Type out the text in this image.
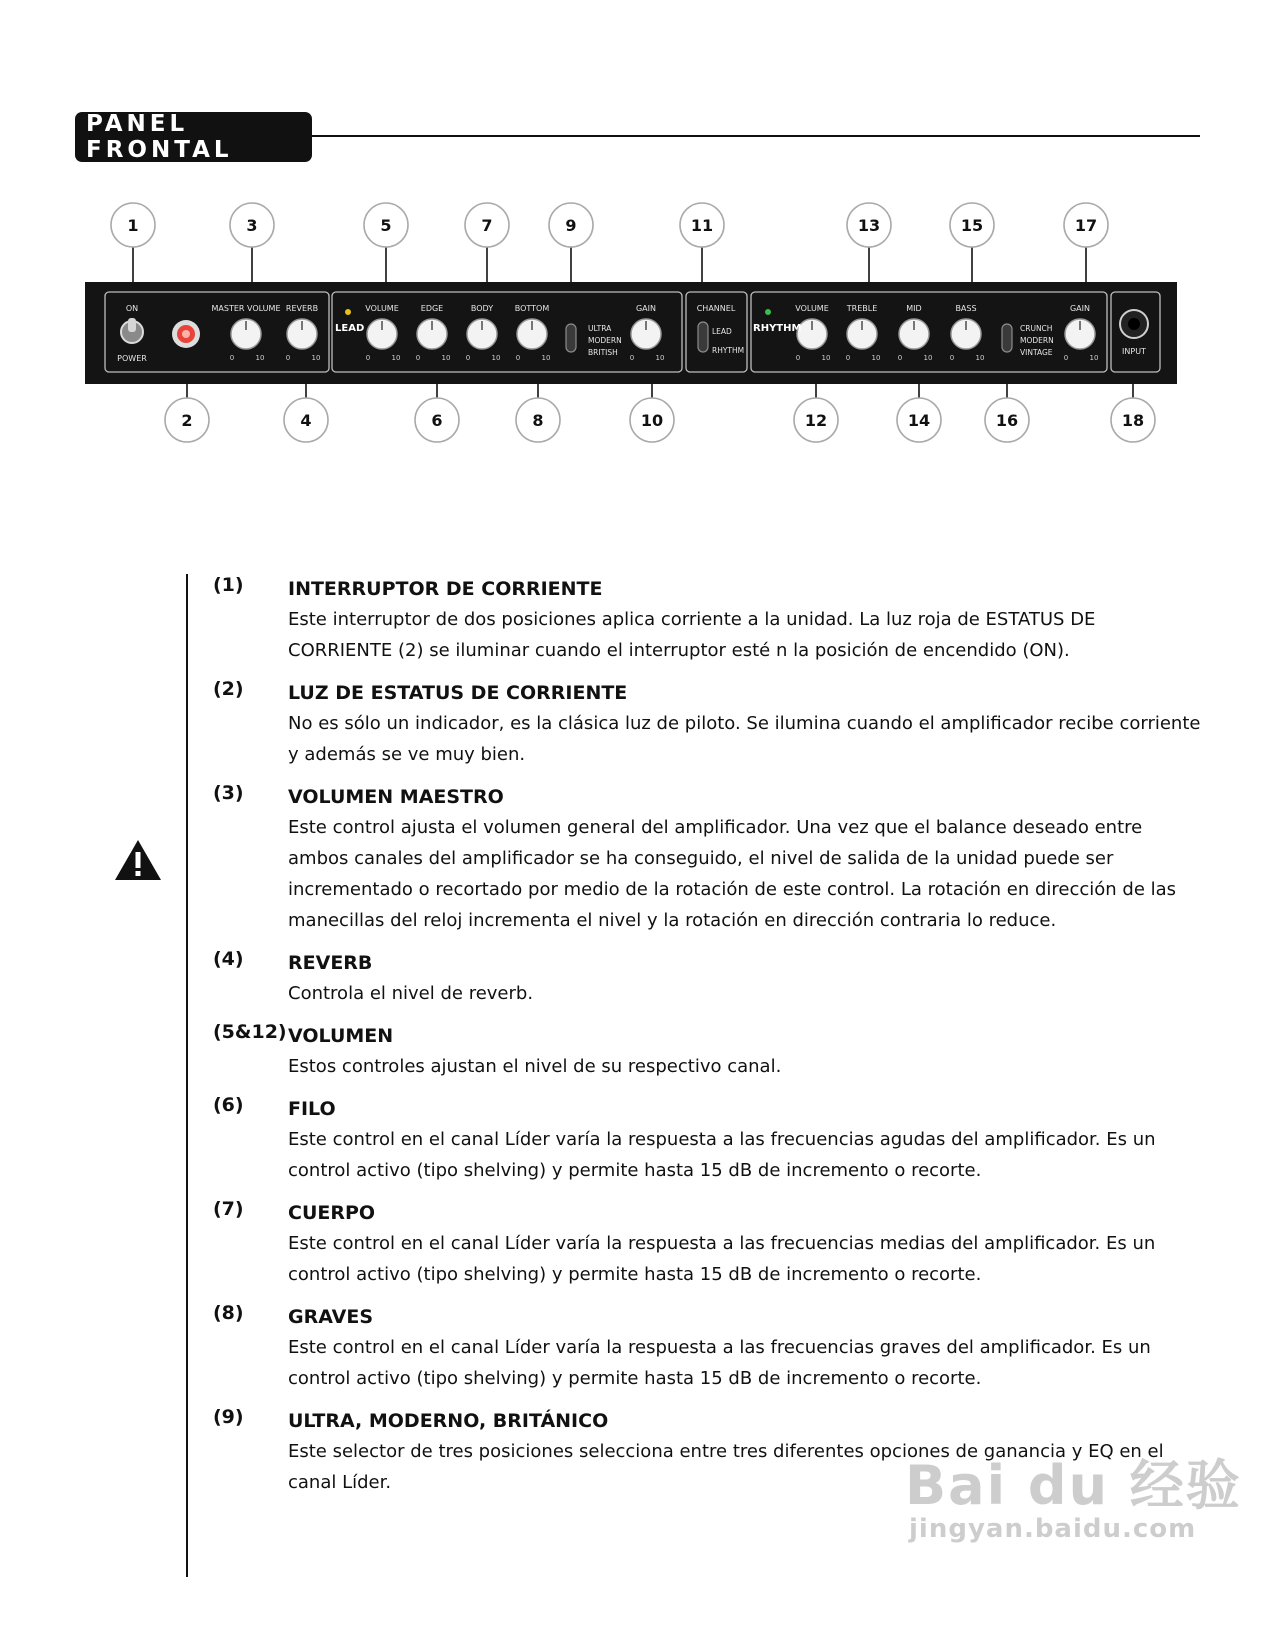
PANEL FRONTAL
ON
POWER
MASTER VOLUME REVERB	VOLUME	EDGE	BODY	BOTTOM	GAIN	CHANNEL	VOLUME TREBLE	MID	BASS	GAIN
INPUT
ULTRA
MODERN
BRITISH
LEAD
RHYTHM
CRUNCH
MODERN
VINTAGE
LEAD	RHYTHM
0	10	0	10	0	10 0	10 0	10 0	10	0	10	0	10 0	10 0	10 0	10	0	10
1	3	5	7	9	11	13	15	17
2	4	6	8	10	12	14	16	18
(1) INTERRUPTOR DE CORRIENTE
Este interruptor de dos posiciones aplica corriente a la unidad. La luz roja de ESTATUS DE CORRIENTE (2) se iluminar cuando el interruptor esté n la posición de encendido (ON).
(2) LUZ DE ESTATUS DE CORRIENTE
No es sólo un indicador, es la clásica luz de piloto. Se ilumina cuando el amplificador recibe corriente y además se ve muy bien.
(3) VOLUMEN MAESTRO
Este control ajusta el volumen general del amplificador. Una vez que el balance deseado entre ambos canales del amplificador se ha conseguido, el nivel de salida de la unidad puede ser incrementado o recortado por medio de la rotación de este control. La rotación en dirección de las manecillas del reloj incrementa el nivel y la rotación en dirección contraria lo reduce.
(4) REVERB
Controla el nivel de reverb.
(5&12) VOLUMEN
Estos controles ajustan el nivel de su respectivo canal.
(6) FILO
Este control en el canal Líder varía la respuesta a las frecuencias agudas del amplificador. Es un control activo (tipo shelving) y permite hasta 15 dB de incremento o recorte.
(7) CUERPO
Este control en el canal Líder varía la respuesta a las frecuencias medias del amplificador. Es un control activo (tipo shelving) y permite hasta 15 dB de incremento o recorte.
(8) GRAVES
Este control en el canal Líder varía la respuesta a las frecuencias graves del amplificador. Es un control activo (tipo shelving) y permite hasta 15 dB de incremento o recorte.
(9) ULTRA, MODERNO, BRITÁNICO
Este selector de tres posiciones selecciona entre tres diferentes opciones de ganancia y EQ en el canal Líder.	Bai du 经验
jingyan.baidu.com
